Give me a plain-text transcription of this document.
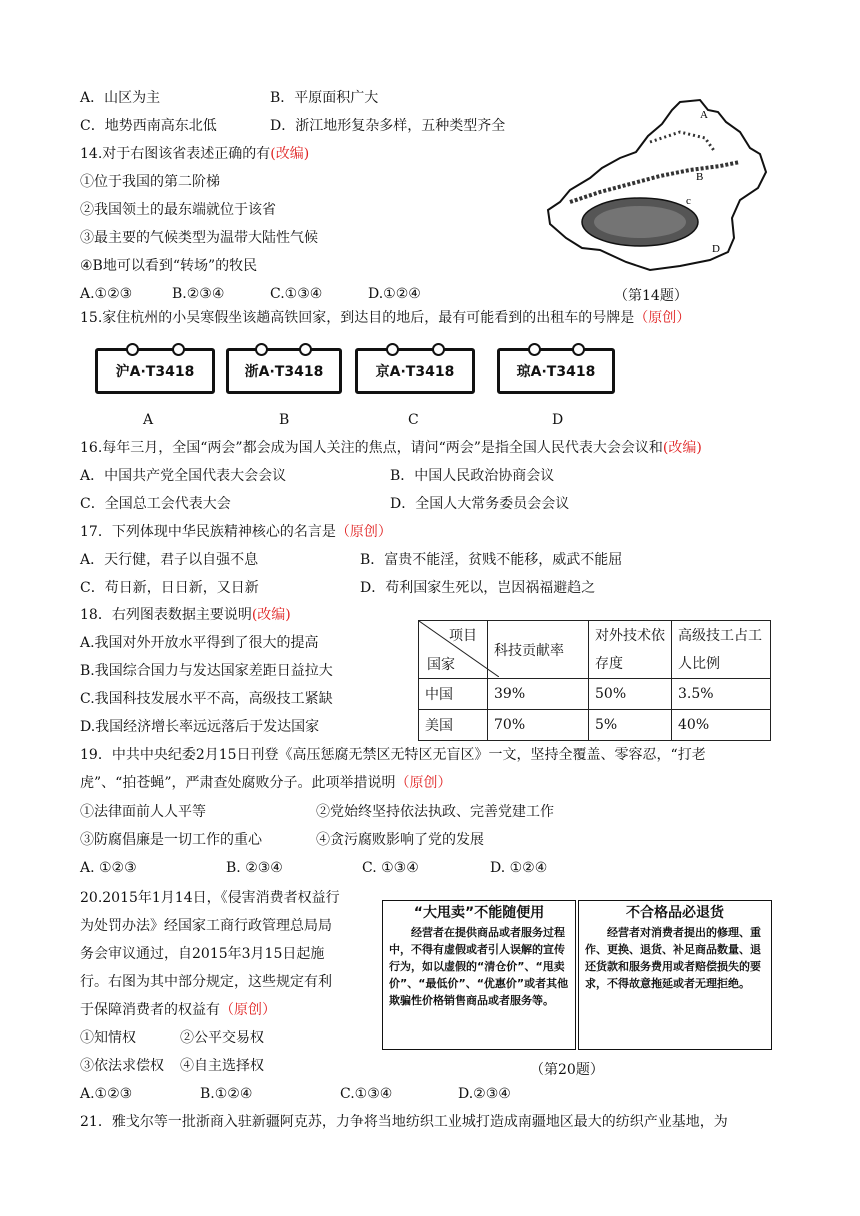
A．山区为主	B．平原面积广大
C．地势西南高东北低	D．浙江地形复杂多样，五种类型齐全
14.对于右图该省表述正确的有(改编)
①位于我国的第二阶梯
②我国领土的最东端就位于该省
③最主要的气候类型为温带大陆性气候
④B地可以看到“转场”的牧民
A.①②③	B.②③④	C.①③④	D.①②④
A
B
c
D
（第14题）
15.家住杭州的小吴寒假坐该趟高铁回家，到达目的地后，最有可能看到的出租车的号牌是（原创）
沪A·T3418	浙A·T3418	京A·T3418	琼A·T3418
A	B	C	D
16.每年三月，全国“两会”都会成为国人关注的焦点，请问“两会”是指全国人民代表大会会议和(改编)
A．中国共产党全国代表大会会议	B．中国人民政治协商会议
C．全国总工会代表大会	D．全国人大常务委员会会议
17．下列体现中华民族精神核心的名言是（原创）
A．天行健，君子以自强不息	B．富贵不能淫，贫贱不能移，威武不能屈
C．苟日新，日日新，又日新	D．苟利国家生死以，岂因祸福避趋之
18．右列图表数据主要说明(改编)
A.我国对外开放水平得到了很大的提高
B.我国综合国力与发达国家差距日益拉大
C.我国科技发展水平不高，高级技工紧缺
D.我国经济增长率远远落后于发达国家
项目
国家	科技贡献率	对外技术依存度	高级技工占工人比例
中国	39%	50%	3.5%
美国	70%	5%	40%
19．中共中央纪委2月15日刊登《高压惩腐无禁区无特区无盲区》一文，坚持全覆盖、零容忍，“打老
虎”、“拍苍蝇”，严肃查处腐败分子。此项举措说明（原创）
①法律面前人人平等	②党始终坚持依法执政、完善党建工作
③防腐倡廉是一切工作的重心	④贪污腐败影响了党的发展
A. ①②③	B. ②③④	C. ①③④	D. ①②④
20.2015年1月14日，《侵害消费者权益行
为处罚办法》经国家工商行政管理总局局
务会审议通过，自2015年3月15日起施
行。右图为其中部分规定，这些规定有利
于保障消费者的权益有（原创）
①知情权	②公平交易权
③依法求偿权 ④自主选择权
A.①②③	B.①②④	C.①③④	D.②③④
“大甩卖”不能随便用

经营者在提供商品或者服务过程中，不得有虚假或者引人误解的宣传行为，如以虚假的“清仓价”、“甩卖价”、“最低价”、“优惠价”或者其他欺骗性价格销售商品或者服务等。

不合格品必退货

经营者对消费者提出的修理、重作、更换、退货、补足商品数量、退还货款和服务费用或者赔偿损失的要求，不得故意拖延或者无理拒绝。

（第20题）
21．雅戈尔等一批浙商入驻新疆阿克苏，力争将当地纺织工业城打造成南疆地区最大的纺织产业基地，为
